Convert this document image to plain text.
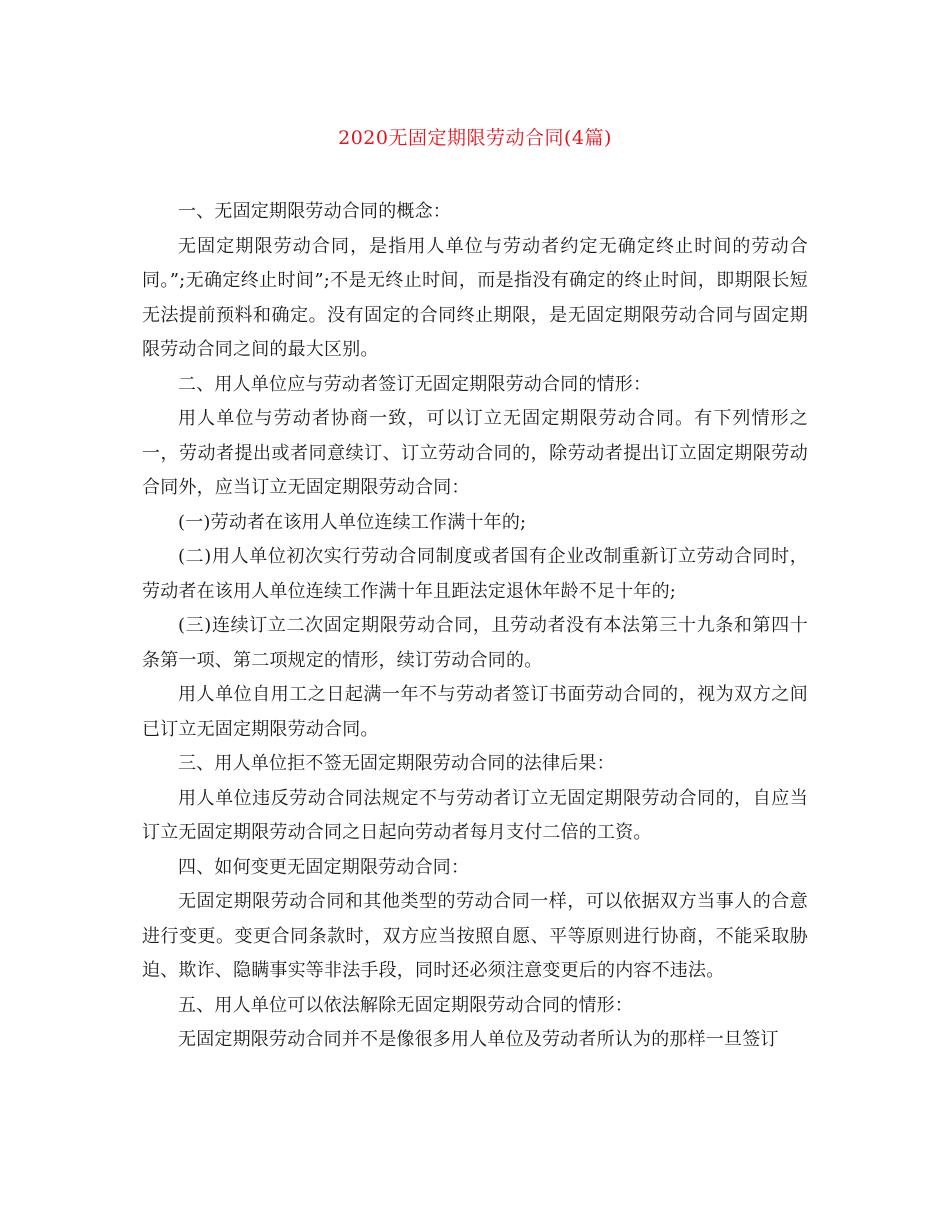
2020无固定期限劳动合同(4篇)

一、无固定期限劳动合同的概念：

无固定期限劳动合同，是指用人单位与劳动者约定无确定终止时间的劳动合同。”;无确定终止时间”;不是无终止时间，而是指没有确定的终止时间，即期限长短无法提前预料和确定。没有固定的合同终止期限，是无固定期限劳动合同与固定期限劳动合同之间的最大区别。

二、用人单位应与劳动者签订无固定期限劳动合同的情形：

用人单位与劳动者协商一致，可以订立无固定期限劳动合同。有下列情形之一，劳动者提出或者同意续订、订立劳动合同的，除劳动者提出订立固定期限劳动合同外，应当订立无固定期限劳动合同：

(一)劳动者在该用人单位连续工作满十年的;

(二)用人单位初次实行劳动合同制度或者国有企业改制重新订立劳动合同时，劳动者在该用人单位连续工作满十年且距法定退休年龄不足十年的;

(三)连续订立二次固定期限劳动合同，且劳动者没有本法第三十九条和第四十条第一项、第二项规定的情形，续订劳动合同的。

用人单位自用工之日起满一年不与劳动者签订书面劳动合同的，视为双方之间已订立无固定期限劳动合同。

三、用人单位拒不签无固定期限劳动合同的法律后果：

用人单位违反劳动合同法规定不与劳动者订立无固定期限劳动合同的，自应当订立无固定期限劳动合同之日起向劳动者每月支付二倍的工资。

四、如何变更无固定期限劳动合同：

无固定期限劳动合同和其他类型的劳动合同一样，可以依据双方当事人的合意进行变更。变更合同条款时，双方应当按照自愿、平等原则进行协商，不能采取胁迫、欺诈、隐瞒事实等非法手段，同时还必须注意变更后的内容不违法。

五、用人单位可以依法解除无固定期限劳动合同的情形：

无固定期限劳动合同并不是像很多用人单位及劳动者所认为的那样一旦签订
